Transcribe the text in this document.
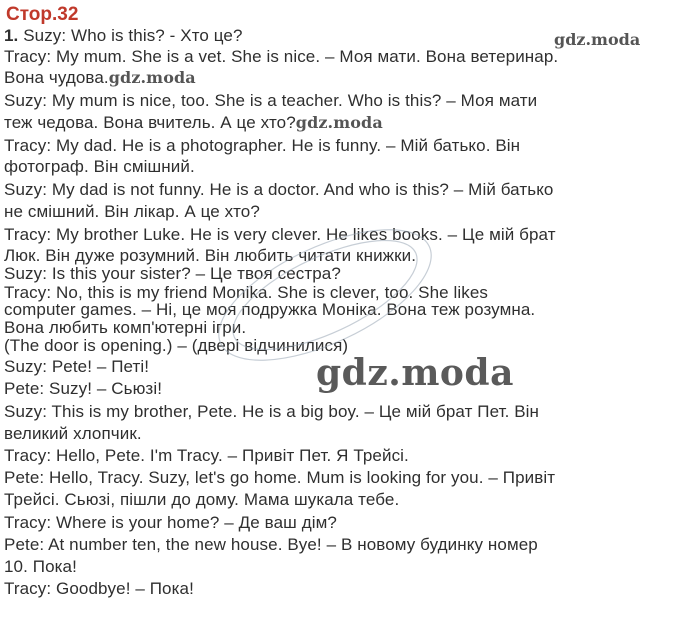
Стор.32
1. Suzy: Who is this? - Хто це?	gdz.moda
Tracy: My mum. She is a vet. She is nice. – Моя мати. Вона ветеринар.
Вона чудова.gdz.moda
Suzy: My mum is nice, too. She is a teacher. Who is this? – Моя мати
теж чедова. Вона вчитель. А це хто?gdz.moda
Tracy: My dad. He is a photographer. He is funny. – Мій батько. Він
фотограф. Він смішний.
Suzy: My dad is not funny. He is a doctor. And who is this? – Мій батько
не смішний. Він лікар. А це хто?
Tracy: My brother Luke. He is very clever. He likes books. – Це мій брат
Люк. Він дуже розумний. Він любить читати книжки.
Suzy: Is this your sister? – Це твоя сестра?
Tracy: No, this is my friend Monika. She is clever, too. She likes
computer games. – Ні, це моя подружка Моніка. Вона теж розумна.
Вона любить комп'ютерні ігри.
(The door is opening.) – (двері відчинилися)
Suzy: Pete! – Петі!
Pete: Suzy! – Сьюзі!
Suzy: This is my brother, Pete. He is a big boy. – Це мій брат Пет. Він
великий хлопчик.
Tracy: Hello, Pete. I'm Tracy. – Привіт Пет. Я Трейсі.
Pete: Hello, Tracy. Suzy, let's go home. Mum is looking for you. – Привіт
Трейсі. Сьюзі, пішли до дому. Мама шукала тебе.
Tracy: Where is your home? – Де ваш дім?
Pete: At number ten, the new house. Bye! – В новому будинку номер
10. Пока!
Tracy: Goodbye! – Пока!
gdz.moda
